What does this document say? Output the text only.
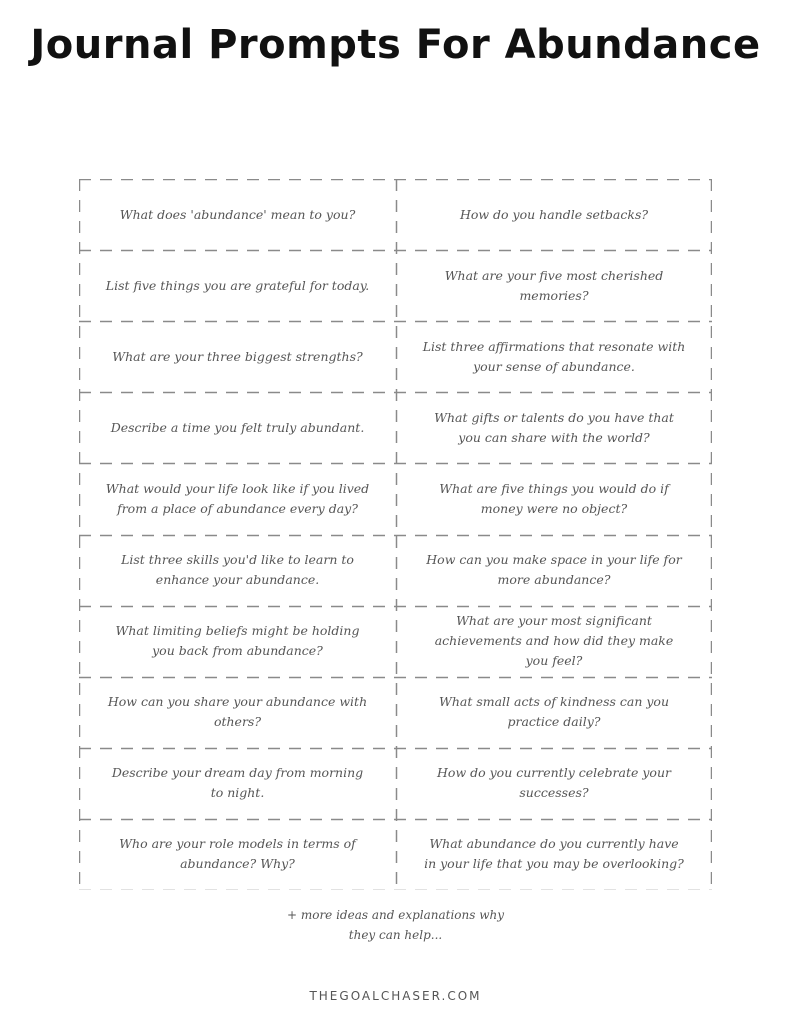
Journal Prompts For Abundance
What does 'abundance' mean to you?	How do you handle setbacks?
List five things you are grateful for today.
What are your five most cherished memories?
What are your three biggest strengths?
List three affirmations that resonate with your sense of abundance.
Describe a time you felt truly abundant.
What gifts or talents do you have that you can share with the world?
What would your life look like if you lived from a place of abundance every day?
What are five things you would do if money were no object?
List three skills you'd like to learn to enhance your abundance.
How can you make space in your life for more abundance?
What limiting beliefs might be holding you back from abundance?
What are your most significant achievements and how did they make you feel?
How can you share your abundance with others?
What small acts of kindness can you practice daily?
Describe your dream day from morning to night.
How do you currently celebrate your successes?
Who are your role models in terms of abundance? Why?
What abundance do you currently have in your life that you may be overlooking?
+ more ideas and explanations why
they can help...
THEGOALCHASER.COM
